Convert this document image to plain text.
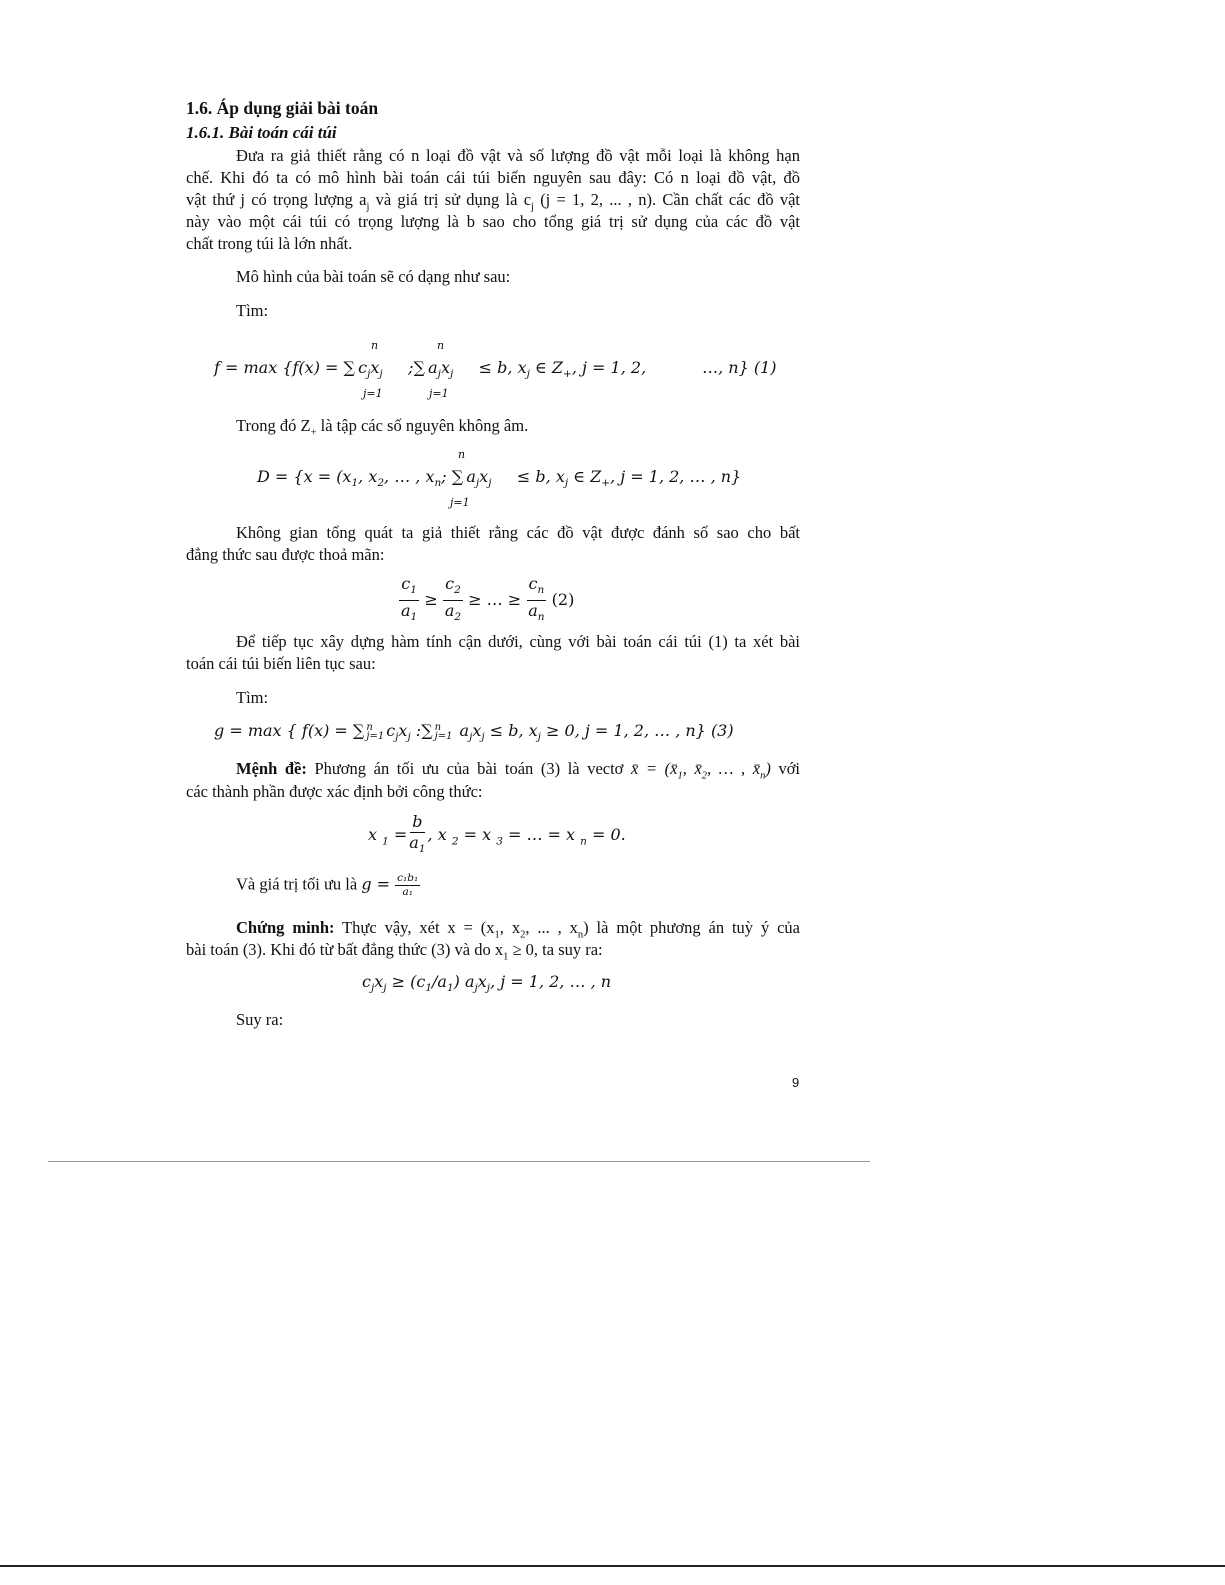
1.6. Áp dụng giải bài toán
1.6.1. Bài toán cái túi
Đưa ra giả thiết rằng có n loại đồ vật và số lượng đồ vật mỗi loại là không hạn
chế. Khi đó ta có mô hình bài toán cái túi biến nguyên sau đây: Có n loại đồ vật, đồ
vật thứ j có trọng lượng $a_j$ và giá trị sử dụng là $c_j$ (j = 1, 2, ... , n). Cần chất các đồ vật
này vào một cái túi có trọng lượng là b sao cho tổng giá trị sử dụng của các đồ vật
chất trong túi là lớn nhất.
Mô hình của bài toán sẽ có dạng như sau:
Tìm:
f = max {f(x) = ∑  $c_jx_j$ ;∑  $a_jx_j \le b$, $x_j$ ∈ $Z_+$, j = 1, 2,	…, n} (1)
n
j=1
n
j=1
Trong đó $Z_+$ là tập các số nguyên không âm.
$D = \{x = (x_1$, $x_2$, … , $x_n$; ∑  $a_jx_j \le b$, $x_j$ ∈ $Z_+$, j = 1, 2, … , n}
n
j=1
Không gian tổng quát ta giả thiết rằng các đồ vật được đánh số sao cho bất
đẳng thức sau được thoả mãn:
$\frac{c_1}{a_1} \ge \frac{c_2}{a_2}$ ≥ … ≥ $\frac{c_n}{a_n} (2)$
Để tiếp tục xây dựng hàm tính cận dưới, cùng với bài toán cái túi (1) ta xét bài
toán cái túi biến liên tục sau:
Tìm:
g = max { f(x) = ∑ n
j=1 $c_jx_j$ :∑ n
j=1 $a_jx_j \le b$, $x_j \ge 0$, j = 1, 2, … , n} (3)
Mệnh đề: Phương án tối ưu của bài toán (3) là vectơ x̄ = ($x̄_1$, $x̄_2$, … , $x̄_n$) với
các thành phần được xác định bởi công thức:
x $_1 = \frac{b}{a_1}$ , x $_2$ = x $_3$ = … = x $_n$ = 0.
Và giá trị tối ưu là $g = \frac{\text{c₁b₁}}{\text{a₁}}$
Chứng minh: Thực vậy, xét $x = (x_1$, $x_2$, ... , $x_n$) là một phương án tuỳ ý của
bài toán (3). Khi đó từ bất đẳng thức (3) và do $x_1 \ge 0$, ta suy ra:
$c_jx_j \ge (c_1/a_1)$ $a_jx_j$, j = 1, 2, … , n
Suy ra:
9
